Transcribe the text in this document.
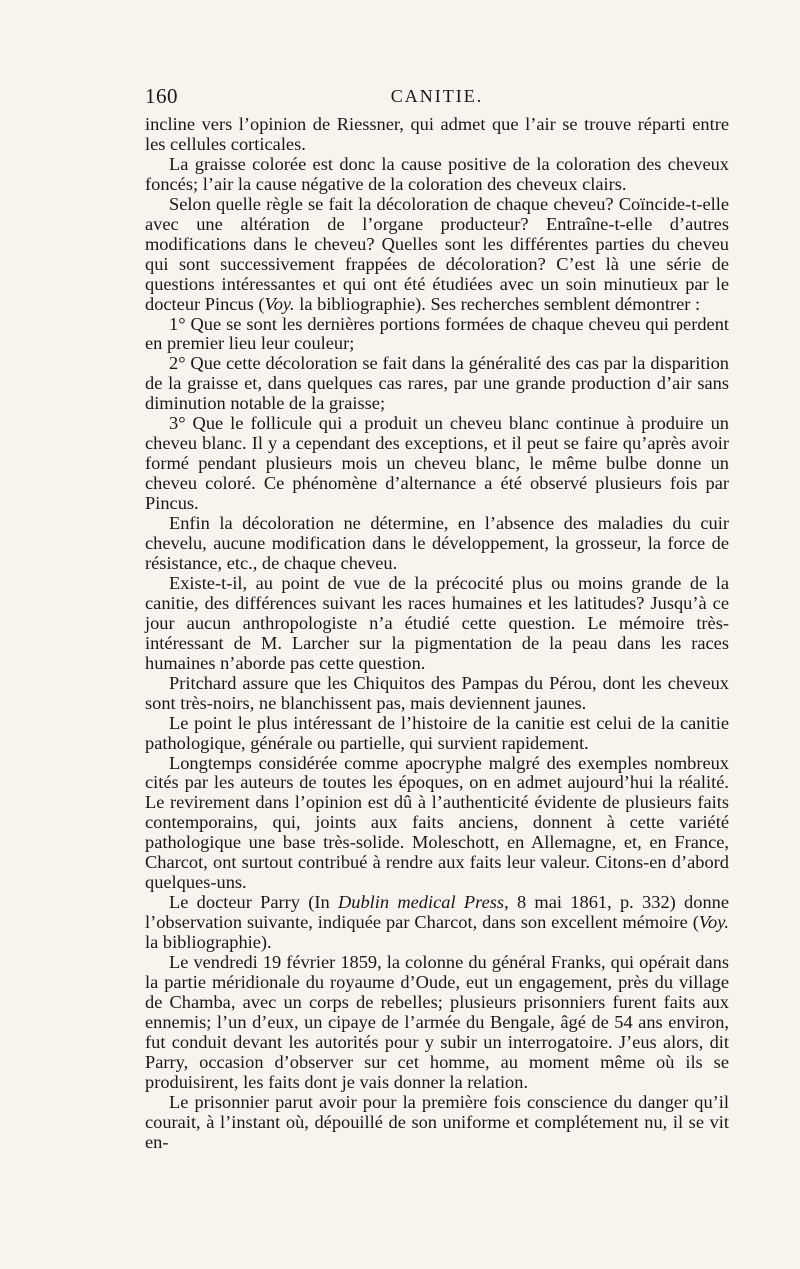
160	CANITIE.

incline vers l’opinion de Riessner, qui admet que l’air se trouve réparti entre les cellules corticales.

La graisse colorée est donc la cause positive de la coloration des cheveux foncés; l’air la cause négative de la coloration des cheveux clairs.

Selon quelle règle se fait la décoloration de chaque cheveu? Coïncide-t-elle avec une altération de l’organe producteur? Entraîne-t-elle d’autres modifications dans le cheveu? Quelles sont les différentes parties du cheveu qui sont successivement frappées de décoloration? C’est là une série de questions intéressantes et qui ont été étudiées avec un soin minutieux par le docteur Pincus (Voy. la bibliographie). Ses recherches semblent démontrer :

1° Que se sont les dernières portions formées de chaque cheveu qui perdent en premier lieu leur couleur;

2° Que cette décoloration se fait dans la généralité des cas par la disparition de la graisse et, dans quelques cas rares, par une grande production d’air sans diminution notable de la graisse;

3° Que le follicule qui a produit un cheveu blanc continue à produire un cheveu blanc. Il y a cependant des exceptions, et il peut se faire qu’après avoir formé pendant plusieurs mois un cheveu blanc, le même bulbe donne un cheveu coloré. Ce phénomène d’alternance a été observé plusieurs fois par Pincus.

Enfin la décoloration ne détermine, en l’absence des maladies du cuir chevelu, aucune modification dans le développement, la grosseur, la force de résistance, etc., de chaque cheveu.

Existe-t-il, au point de vue de la précocité plus ou moins grande de la canitie, des différences suivant les races humaines et les latitudes? Jusqu’à ce jour aucun anthropologiste n’a étudié cette question. Le mémoire très-intéressant de M. Larcher sur la pigmentation de la peau dans les races humaines n’aborde pas cette question.

Pritchard assure que les Chiquitos des Pampas du Pérou, dont les cheveux sont très-noirs, ne blanchissent pas, mais deviennent jaunes.

Le point le plus intéressant de l’histoire de la canitie est celui de la canitie pathologique, générale ou partielle, qui survient rapidement.

Longtemps considérée comme apocryphe malgré des exemples nombreux cités par les auteurs de toutes les époques, on en admet aujourd’hui la réalité. Le revirement dans l’opinion est dû à l’authenticité évidente de plusieurs faits contemporains, qui, joints aux faits anciens, donnent à cette variété pathologique une base très-solide. Moleschott, en Allemagne, et, en France, Charcot, ont surtout contribué à rendre aux faits leur valeur. Citons-en d’abord quelques-uns.

Le docteur Parry (In Dublin medical Press, 8 mai 1861, p. 332) donne l’observation suivante, indiquée par Charcot, dans son excellent mémoire (Voy. la bibliographie).

Le vendredi 19 février 1859, la colonne du général Franks, qui opérait dans la partie méridionale du royaume d’Oude, eut un engagement, près du village de Chamba, avec un corps de rebelles; plusieurs prisonniers furent faits aux ennemis; l’un d’eux, un cipaye de l’armée du Bengale, âgé de 54 ans environ, fut conduit devant les autorités pour y subir un interrogatoire. J’eus alors, dit Parry, occasion d’observer sur cet homme, au moment même où ils se produisirent, les faits dont je vais donner la relation.

Le prisonnier parut avoir pour la première fois conscience du danger qu’il courait, à l’instant où, dépouillé de son uniforme et complétement nu, il se vit en-
